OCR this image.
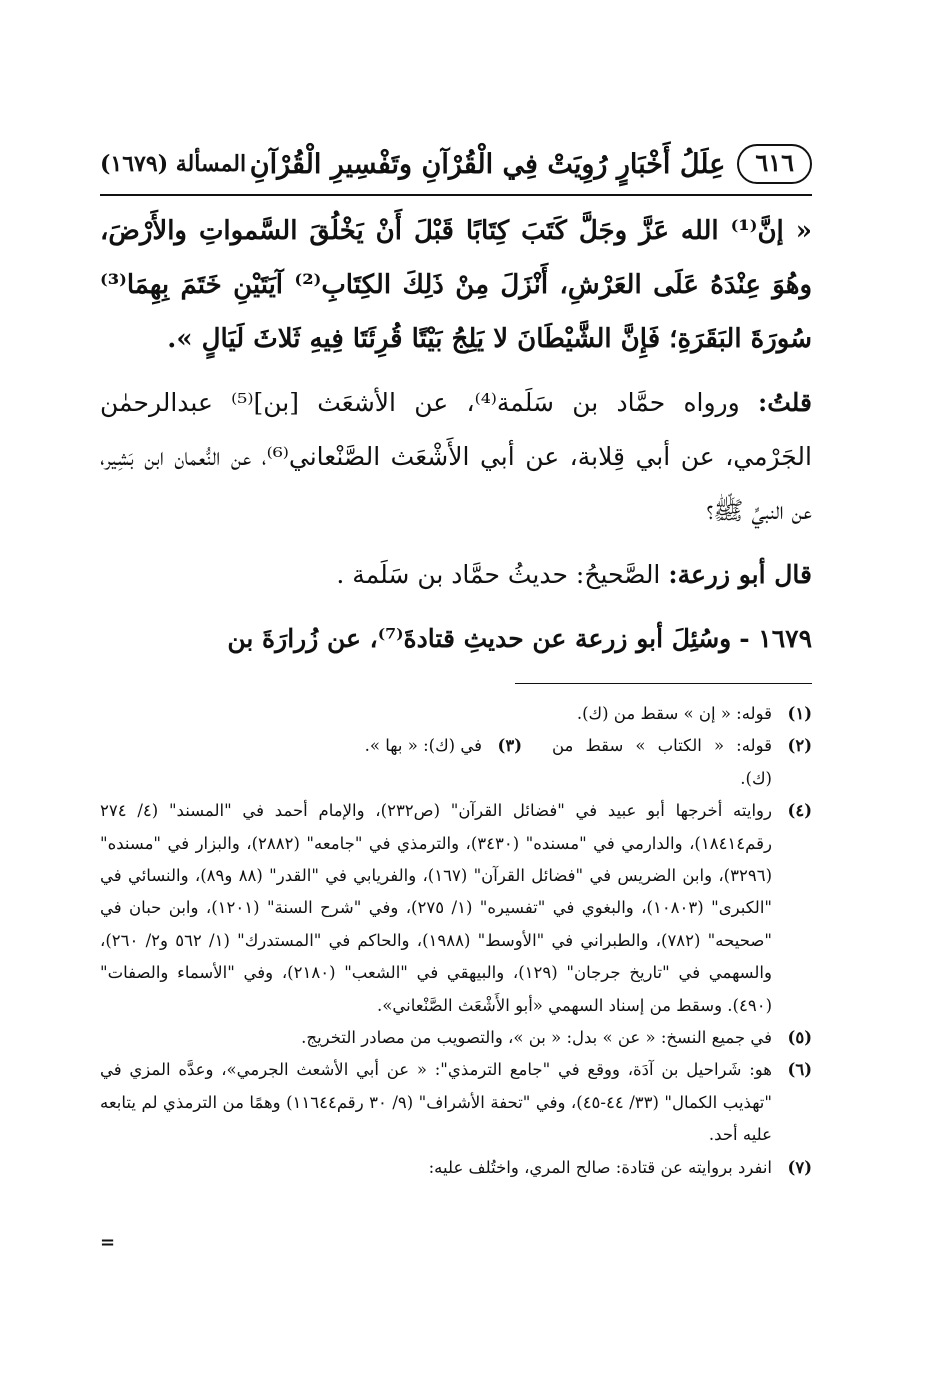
٦١٦
عِلَلُ أَخْبَارٍ رُوِيَتْ فِي الْقُرْآنِ وتَفْسِيرِ الْقُرْآنِ
المسألة (١٦٧٩)

« إنَّ⁽¹⁾ الله عَزَّ وجَلَّ كَتَبَ كِتَابًا قَبْلَ أَنْ يَخْلُقَ السَّمواتِ والأَرْضَ، وهُوَ عِنْدَهُ عَلَى العَرْشِ، أَنْزَلَ مِنْ ذَلِكَ الكِتَابِ⁽²⁾ آيَتَيْنِ خَتَمَ بِهِمَا⁽³⁾ سُورَةَ البَقَرَةِ؛ فَإِنَّ الشَّيْطَانَ لا يَلِجُ بَيْتًا قُرِئَتَا فِيهِ ثَلاثَ لَيَالٍ ».

قلتُ: ورواه حمَّاد بن سَلَمة⁽⁴⁾، عن الأشعَث [بن]⁽⁵⁾ عبدالرحمٰن الجَرْمي، عن أبي قِلابة، عن أبي الأَشْعَث الصَّنْعاني⁽⁶⁾، عن النُّعمان ابن بَشِير، عن النبيِّ ﷺ؟

قال أبو زرعة: الصَّحيحُ: حديثُ حمَّاد بن سَلَمة .

١٦٧٩ - وسُئِلَ أبو زرعة عن حديثِ قتادةَ⁽⁷⁾، عن زُرارَةَ بن

(١)
قوله: « إن » سقط من (ك).
(٢)
قوله: « الكتاب » سقط من (ك).
(٣)
في (ك): « بها ».
(٤)
روايته أخرجها أبو عبيد في "فضائل القرآن" (ص٢٣٢)، والإمام أحمد في "المسند" (٤/ ٢٧٤ رقم١٨٤١٤)، والدارمي في "مسنده" (٣٤٣٠)، والترمذي في "جامعه" (٢٨٨٢)، والبزار في "مسنده" (٣٢٩٦)، وابن الضريس في "فضائل القرآن" (١٦٧)، والفريابي في "القدر" (٨٨ و٨٩)، والنسائي في "الكبرى" (١٠٨٠٣)، والبغوي في "تفسيره" (١/ ٢٧٥)، وفي "شرح السنة" (١٢٠١)، وابن حبان في "صحيحه" (٧٨٢)، والطبراني في "الأوسط" (١٩٨٨)، والحاكم في "المستدرك" (١/ ٥٦٢ و٢/ ٢٦٠)، والسهمي في "تاريخ جرجان" (١٢٩)، والبيهقي في "الشعب" (٢١٨٠)، وفي "الأسماء والصفات" (٤٩٠). وسقط من إسناد السهمي «أبو الأَشْعَث الصَّنْعاني».
(٥)
في جميع النسخ: « عن » بدل: « بن »، والتصويب من مصادر التخريج.
(٦)
هو: شَراحيل بن آدَة، ووقع في "جامع الترمذي": « عن أبي الأشعث الجرمي»، وعدَّه المزي في "تهذيب الكمال" (٣٣/ ٤٤-٤٥)، وفي "تحفة الأشراف" (٩/ ٣٠ رقم١١٦٤٤) وهمًا من الترمذي لم يتابعه عليه أحد.
(٧)
انفرد بروايته عن قتادة: صالح المري، واختُلف عليه:
=
